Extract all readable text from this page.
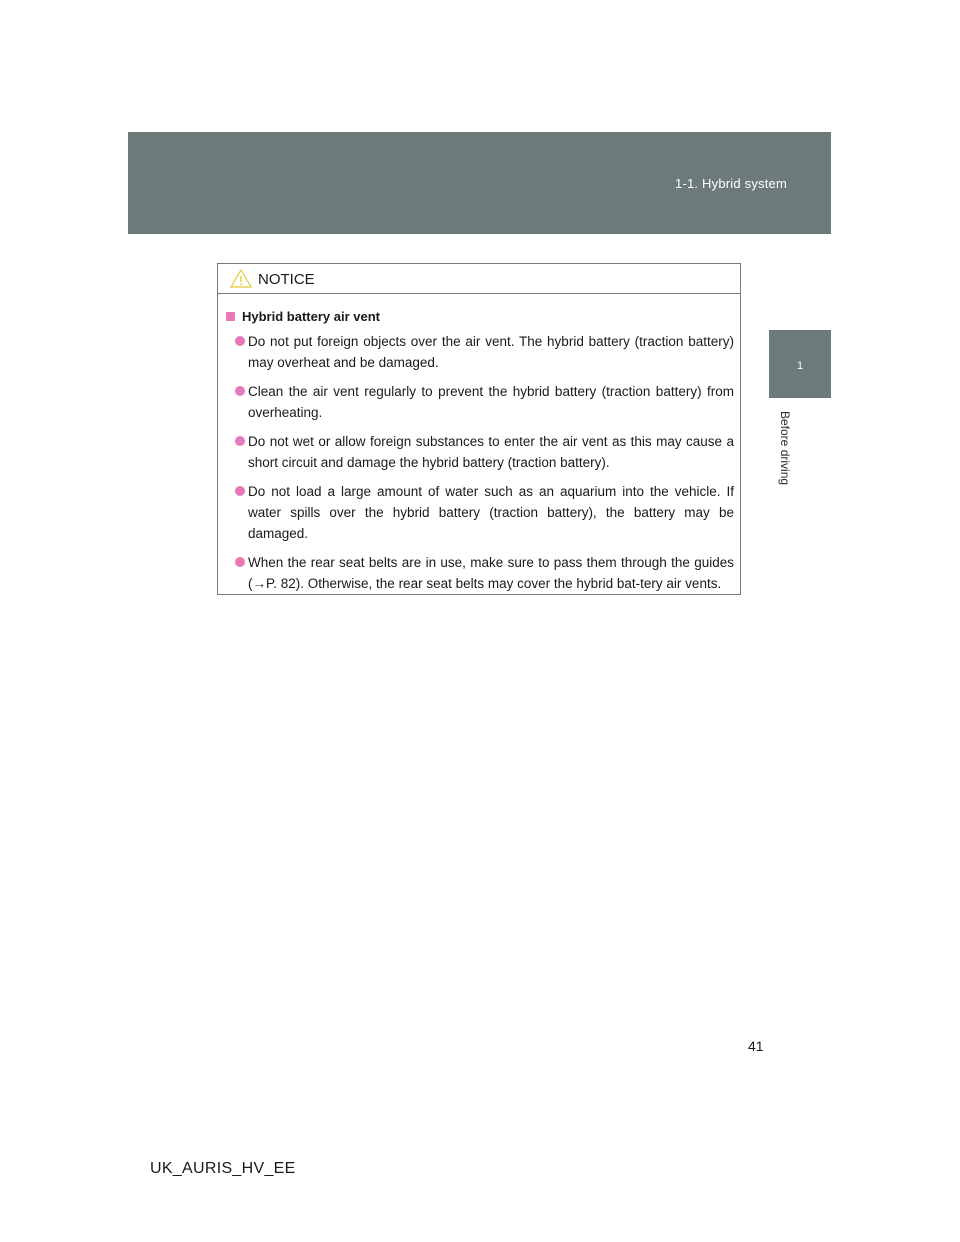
1-1. Hybrid system
1
Before driving
NOTICE
Hybrid battery air vent
Do not put foreign objects over the air vent. The hybrid battery (traction battery) may overheat and be damaged.
Clean the air vent regularly to prevent the hybrid battery (traction battery) from overheating.
Do not wet or allow foreign substances to enter the air vent as this may cause a short circuit and damage the hybrid battery (traction battery).
Do not load a large amount of water such as an aquarium into the vehicle. If water spills over the hybrid battery (traction battery), the battery may be damaged.
When the rear seat belts are in use, make sure to pass them through the guides (→P. 82). Otherwise, the rear seat belts may cover the hybrid bat-tery air vents.
41
UK_AURIS_HV_EE
